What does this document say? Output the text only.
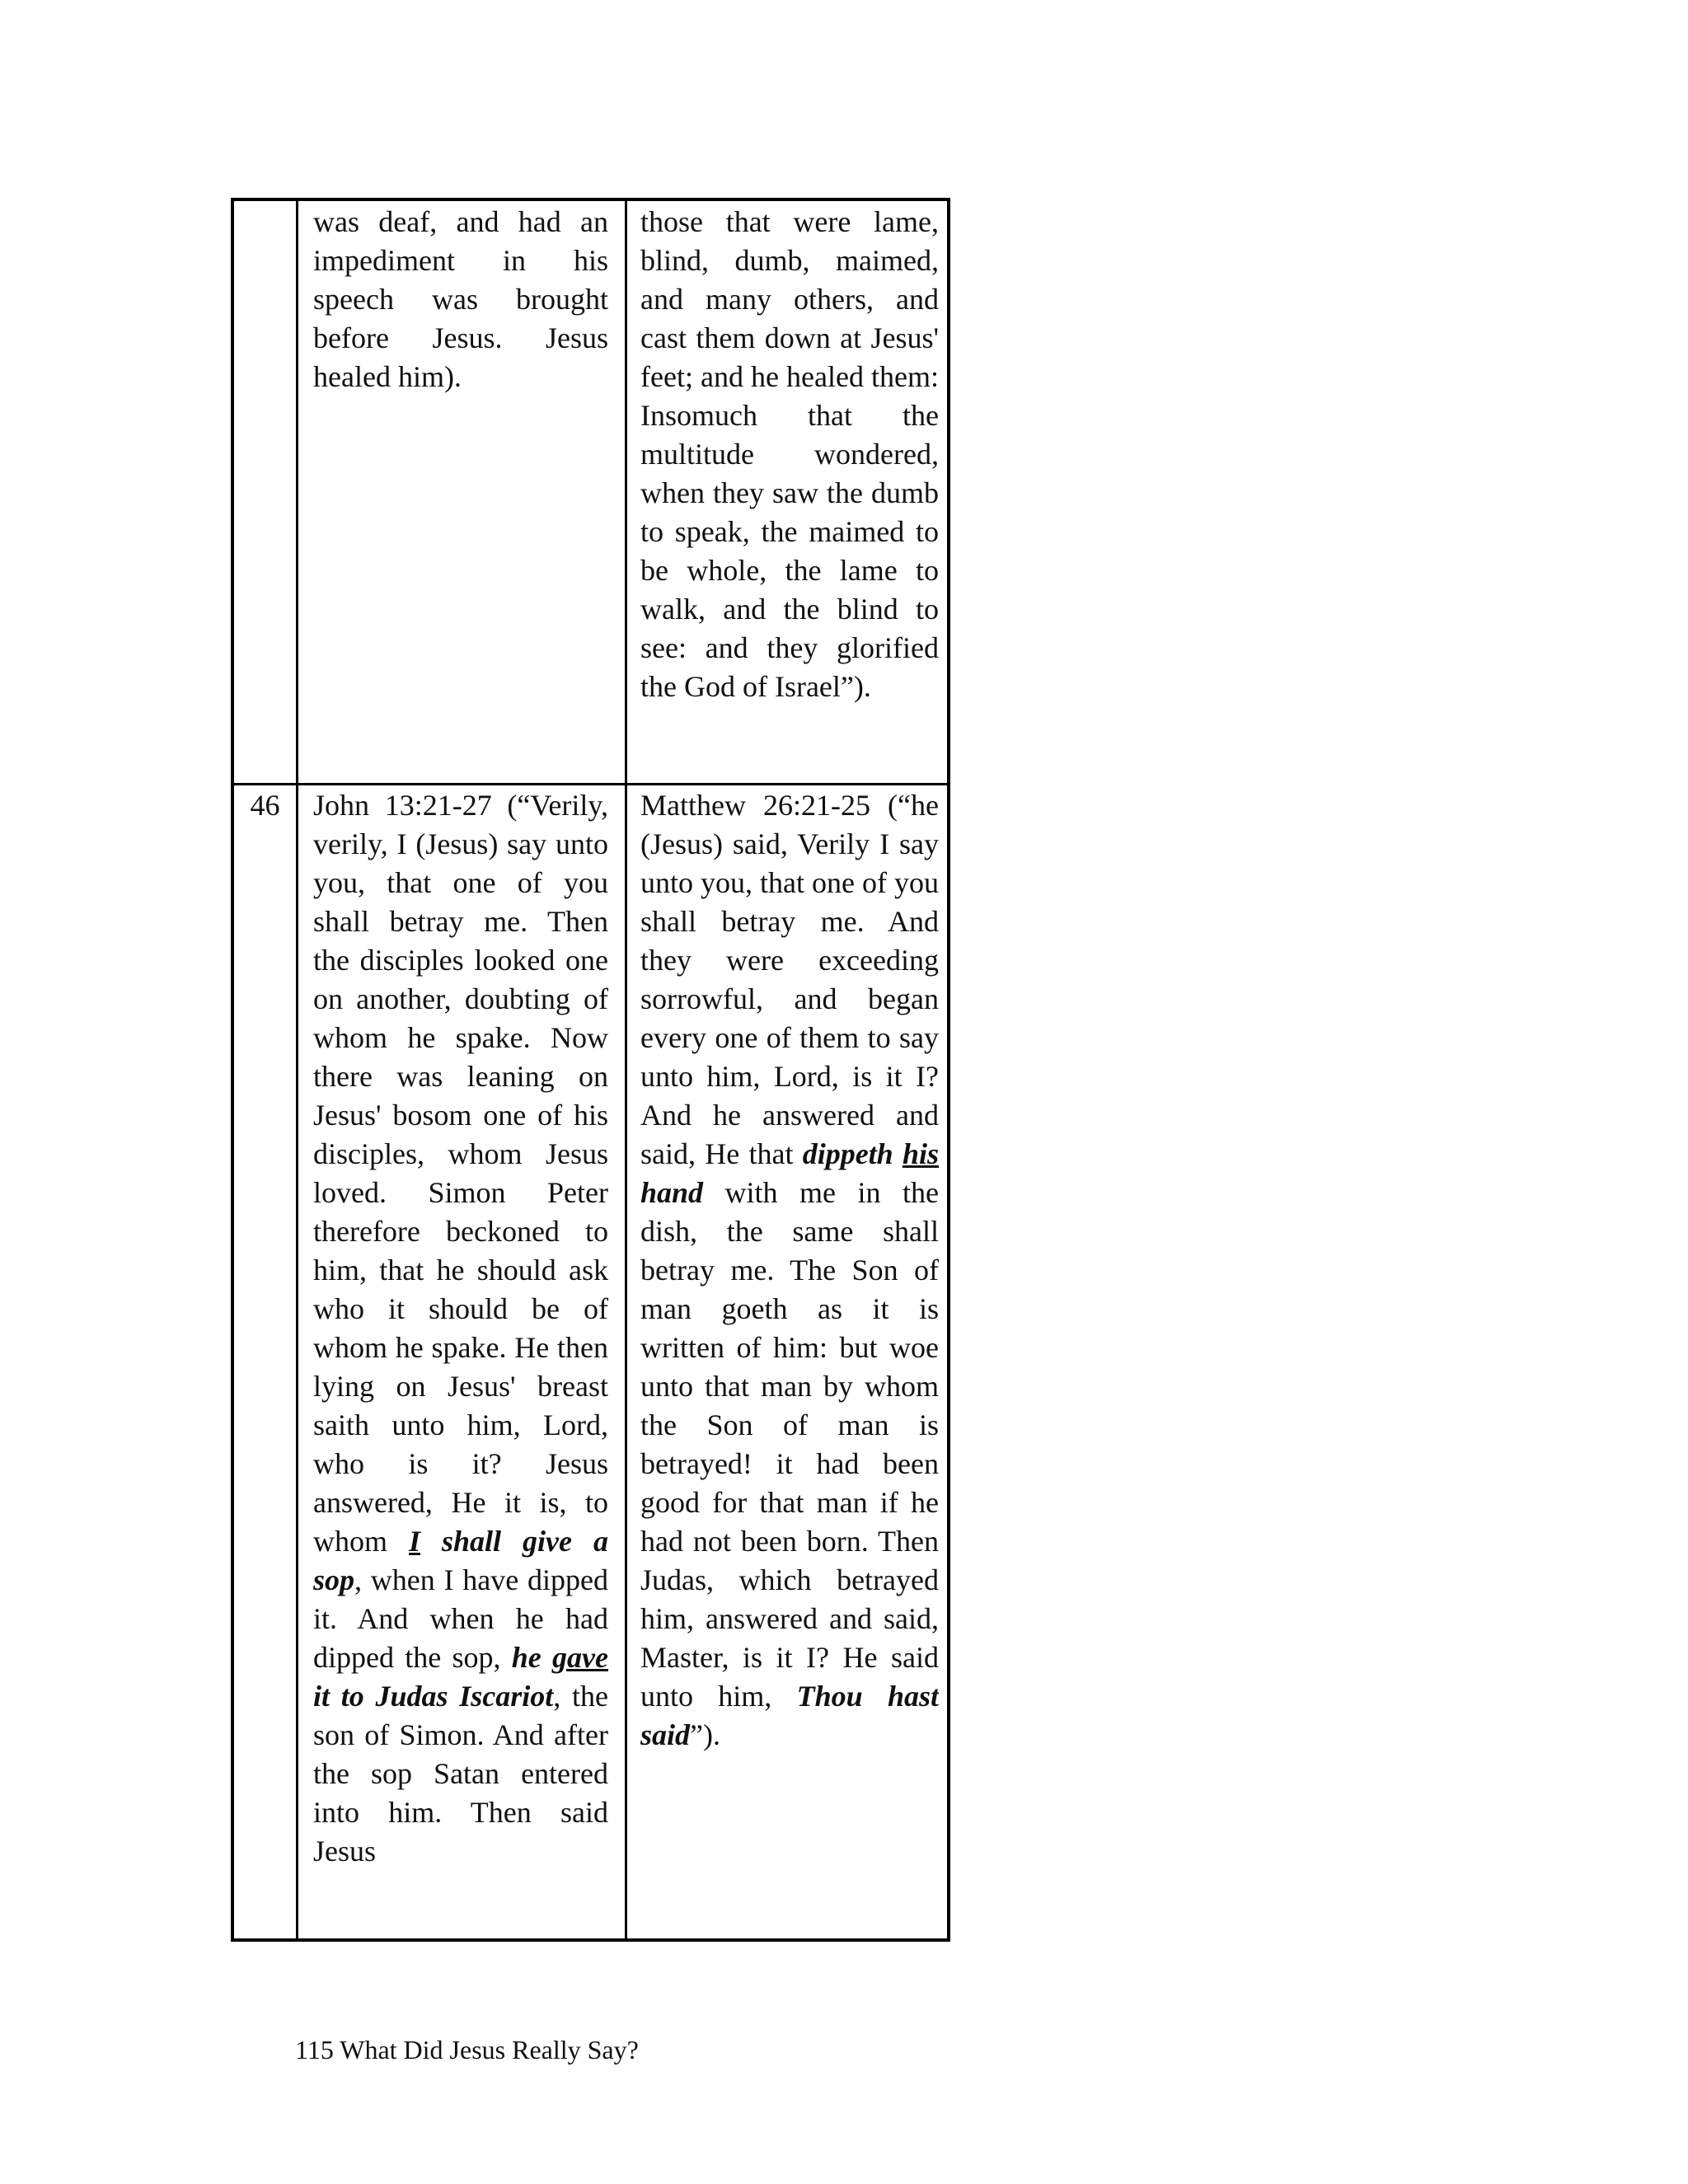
was deaf, and had an impediment in his speech was brought before Jesus. Jesus healed him).
those that were lame, blind, dumb, maimed, and many others, and cast them down at Jesus' feet; and he healed them: Insomuch that the multitude wondered, when they saw the dumb to speak, the maimed to be whole, the lame to walk, and the blind to see: and they glorified the God of Israel”).
46	John 13:21-27 (“Verily, verily, I (Jesus) say unto you, that one of you shall betray me. Then the disciples looked one on another, doubting of whom he spake. Now there was leaning on Jesus' bosom one of his disciples, whom Jesus loved. Simon Peter therefore beckoned to him, that he should ask who it should be of whom he spake. He then lying on Jesus' breast saith unto him, Lord, who is it? Jesus answered, He it is, to whom I shall give a sop, when I have dipped it. And when he had dipped the sop, he gave it to Judas Iscariot, the son of Simon. And after the sop Satan entered into him. Then said Jesus
Matthew 26:21-25 (“he (Jesus) said, Verily I say unto you, that one of you shall betray me. And they were exceeding sorrowful, and began every one of them to say unto him, Lord, is it I? And he answered and said, He that dippeth his hand with me in the dish, the same shall betray me. The Son of man goeth as it is written of him: but woe unto that man by whom the Son of man is betrayed! it had been good for that man if he had not been born. Then Judas, which betrayed him, answered and said, Master, is it I? He said unto him, Thou hast said”).
115 What Did Jesus Really Say?
